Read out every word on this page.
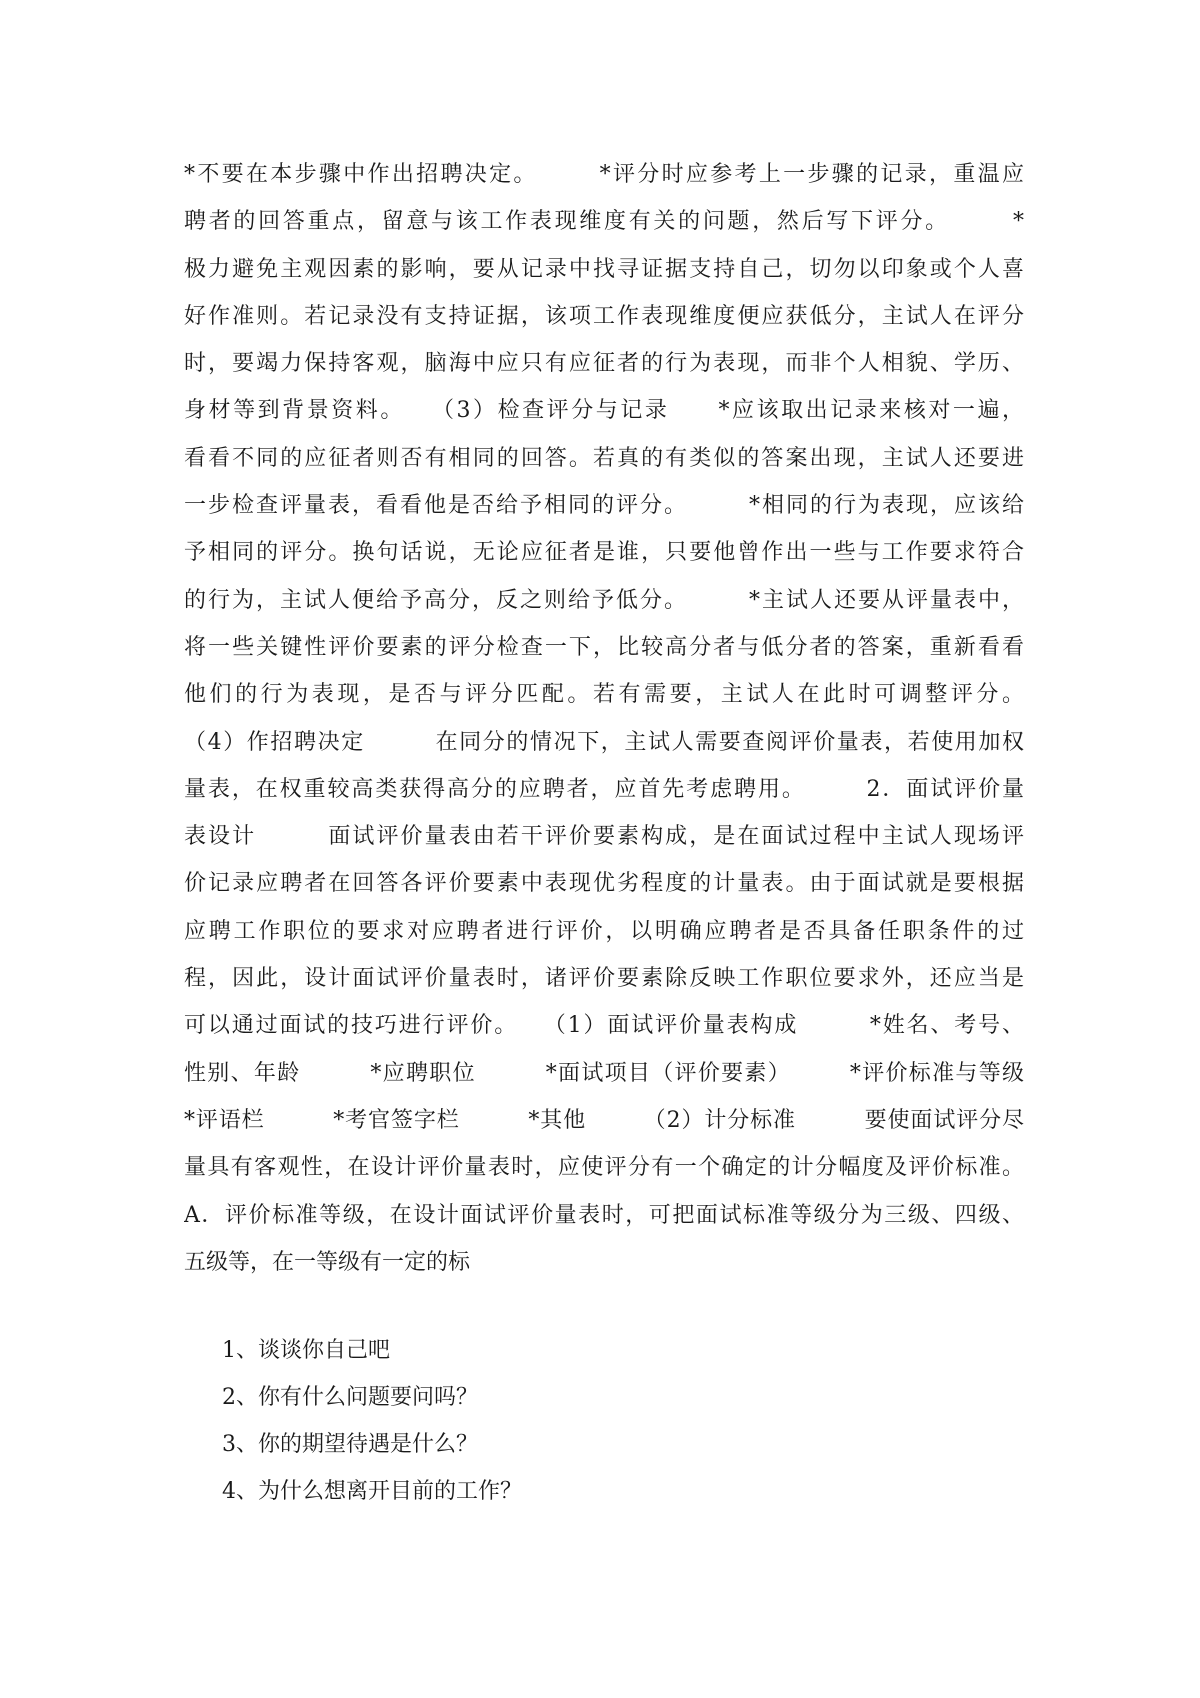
*不要在本步骤中作出招聘决定。　　　*评分时应参考上一步骤的记录，重温应
聘者的回答重点，留意与该工作表现维度有关的问题，然后写下评分。　　　*
极力避免主观因素的影响，要从记录中找寻证据支持自己，切勿以印象或个人喜
好作准则。若记录没有支持证据，该项工作表现维度便应获低分，主试人在评分
时，要竭力保持客观，脑海中应只有应征者的行为表现，而非个人相貌、学历、
身材等到背景资料。　　（3）检查评分与记录　　*应该取出记录来核对一遍，
看看不同的应征者则否有相同的回答。若真的有类似的答案出现，主试人还要进
一步检查评量表，看看他是否给予相同的评分。　　　*相同的行为表现，应该给
予相同的评分。换句话说，无论应征者是谁，只要他曾作出一些与工作要求符合
的行为，主试人便给予高分，反之则给予低分。　　　*主试人还要从评量表中，
将一些关键性评价要素的评分检查一下，比较高分者与低分者的答案，重新看看
他们的行为表现，是否与评分匹配。若有需要，主试人在此时可调整评分。
（4）作招聘决定　　　在同分的情况下，主试人需要查阅评价量表，若使用加权
量表，在权重较高类获得高分的应聘者，应首先考虑聘用。　　　2．面试评价量
表设计　　　面试评价量表由若干评价要素构成，是在面试过程中主试人现场评
价记录应聘者在回答各评价要素中表现优劣程度的计量表。由于面试就是要根据
应聘工作职位的要求对应聘者进行评价，以明确应聘者是否具备任职条件的过
程，因此，设计面试评价量表时，诸评价要素除反映工作职位要求外，还应当是
可以通过面试的技巧进行评价。　　（1）面试评价量表构成　　　*姓名、考号、
性别、年龄　　　*应聘职位　　　*面试项目（评价要素）　　　*评价标准与等级
*评语栏　　　*考官签字栏　　　*其他　　　（2）计分标准　　　要使面试评分尽
量具有客观性，在设计评价量表时，应使评分有一个确定的计分幅度及评价标准。
A．评价标准等级，在设计面试评价量表时，可把面试标准等级分为三级、四级、
五级等，在一等级有一定的标
1、谈谈你自己吧
2、你有什么问题要问吗？
3、你的期望待遇是什么？
4、为什么想离开目前的工作？
